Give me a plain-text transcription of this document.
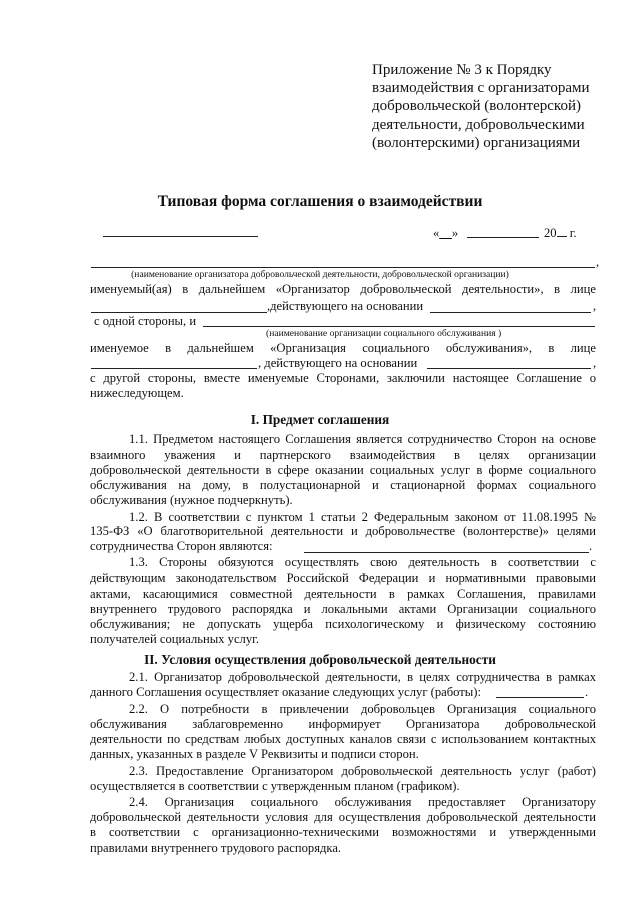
Приложение № 3 к Порядку
взаимодействия с организаторами
добровольческой (волонтерской)
деятельности, добровольческими
(волонтерскими) организациями
Типовая форма соглашения о взаимодействии
«__»	20 г.
,
(наименование организатора добровольческой деятельности, добровольческой организации)
именуемый(ая) в дальнейшем «Организатор добровольческой деятельности», в лице
,действующего на основании	,
с одной стороны, и
(наименование организации социального обслуживания )
именуемое в дальнейшем «Организация социального обслуживания», в лице
, действующего на основании	,
с другой стороны, вместе именуемые Сторонами, заключили настоящее Соглашение о
нижеследующем.
I. Предмет соглашения
1.1. Предметом настоящего Соглашения является сотрудничество Сторон на основе
взаимного уважения и партнерского взаимодействия в целях организации
добровольческой деятельности в сфере оказании социальных услуг в форме социального
обслуживания на дому, в полустационарной и стационарной формах социального
обслуживания (нужное подчеркнуть).
1.2. В соответствии с пунктом 1 статьи 2 Федеральным законом от 11.08.1995 №
135-ФЗ «О благотворительной деятельности и добровольчестве (волонтерстве)» целями
сотрудничества Сторон являются:	.
1.3. Стороны обязуются осуществлять свою деятельность в соответствии с
действующим законодательством Российской Федерации и нормативными правовыми
актами, касающимися совместной деятельности в рамках Соглашения, правилами
внутреннего трудового распорядка и локальными актами Организации социального
обслуживания; не допускать ущерба психологическому и физическому состоянию
получателей социальных услуг.
II. Условия осуществления добровольческой деятельности
2.1. Организатор добровольческой деятельности, в целях сотрудничества в рамках
данного Соглашения осуществляет оказание следующих услуг (работы):	.
2.2. О потребности в привлечении добровольцев Организация социального
обслуживания заблаговременно информирует Организатора добровольческой
деятельности по средствам любых доступных каналов связи с использованием контактных
данных, указанных в разделе V Реквизиты и подписи сторон.
2.3. Предоставление Организатором добровольческой деятельность услуг (работ)
осуществляется в соответствии с утвержденным планом (графиком).
2.4. Организация социального обслуживания предоставляет Организатору
добровольческой деятельности условия для осуществления добровольческой деятельности
в соответствии с организационно-техническими возможностями и утвержденными
правилами внутреннего трудового распорядка.
